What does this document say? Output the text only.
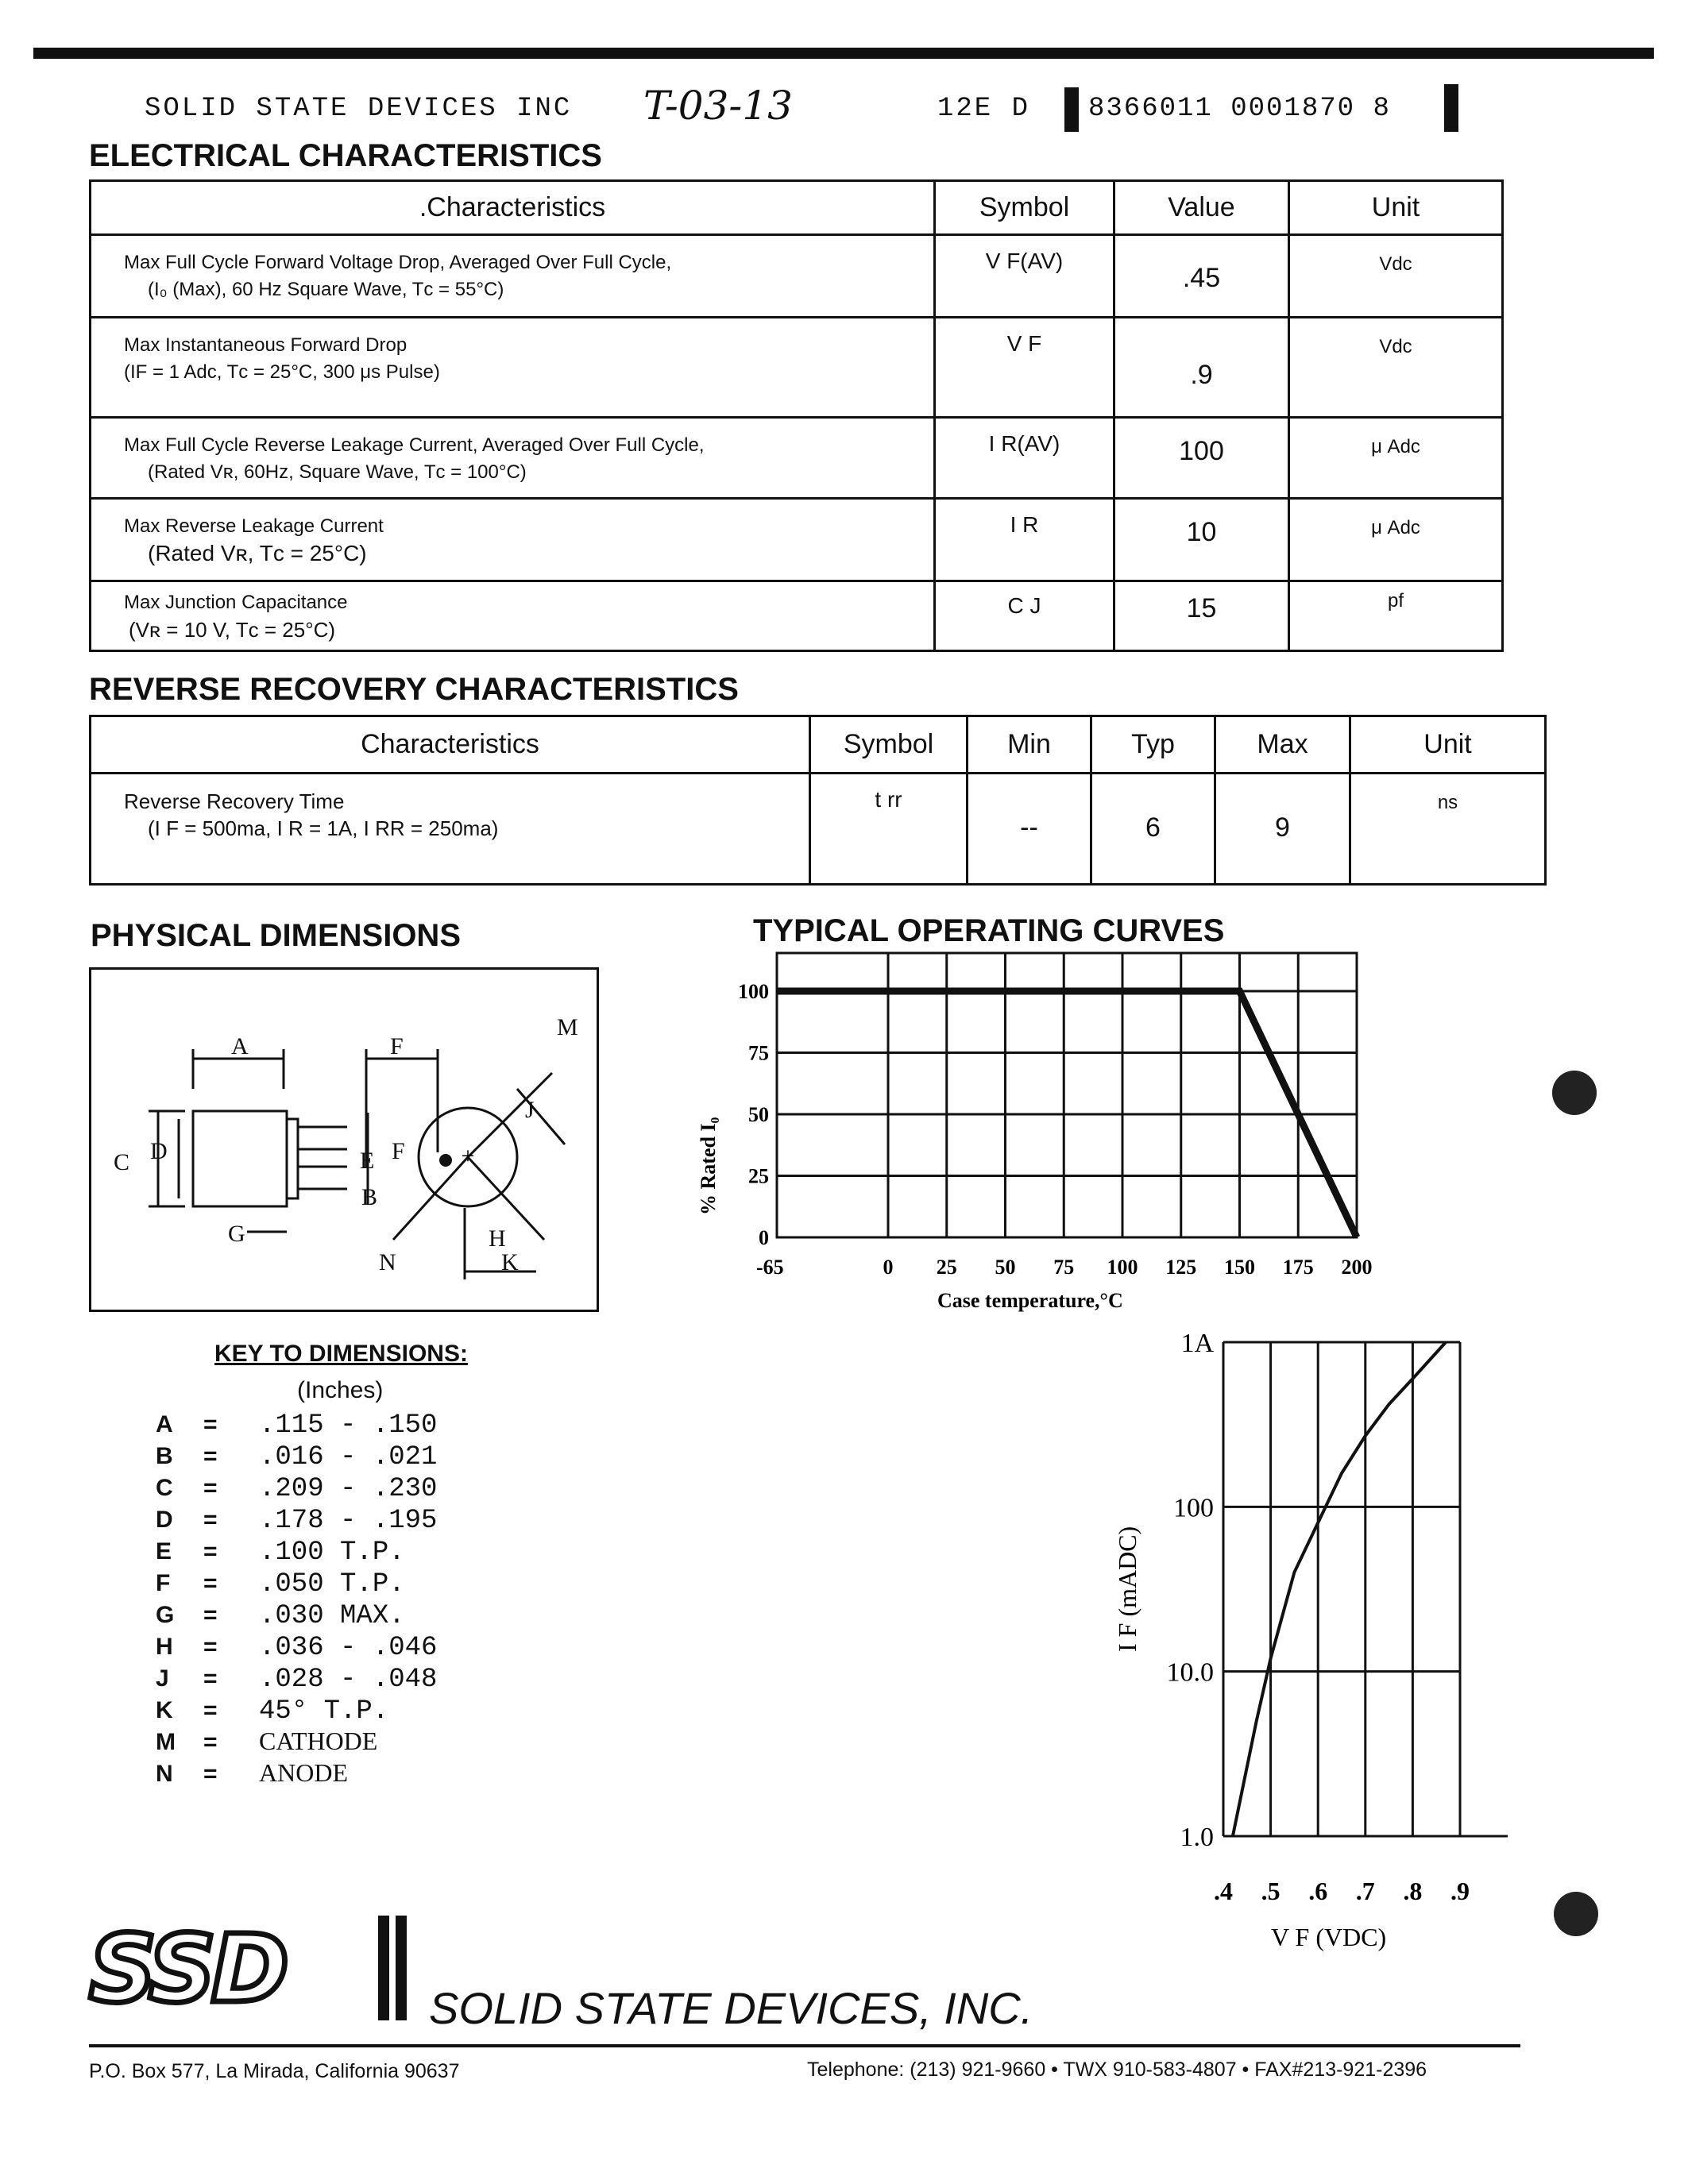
SOLID STATE DEVICES INC T-03-13	12E D 8366011 0001870 8
ELECTRICAL CHARACTERISTICS
.Characteristics	Symbol	Value	Unit

Max Full Cycle Forward Voltage Drop, Averaged Over Full Cycle,
(I₀ (Max), 60 Hz Square Wave, Tᴄ = 55°C)	V F(AV)	.45	Vdc

Max Instantaneous Forward Drop
(IF = 1 Adc, Tᴄ = 25°C, 300 μs Pulse)	V F	.9	Vdc

Max Full Cycle Reverse Leakage Current, Averaged Over Full Cycle,
(Rated Vʀ, 60Hz, Square Wave, Tᴄ = 100°C)	I R(AV)	100	μ Adc

Max Reverse Leakage Current
(Rated Vʀ, Tᴄ = 25°C)	I R	10	μ Adc

Max Junction Capacitance
(Vʀ = 10 V, Tᴄ = 25°C)	C J	15	pf
REVERSE RECOVERY CHARACTERISTICS
Characteristics	Symbol	Min	Typ	Max	Unit

Reverse Recovery Time
(I F = 500ma, I R = 1A, I RR = 250ma)	t rr	--	6	9	ns
PHYSICAL DIMENSIONS
+
A
B
C D	E
F
F
G	H
J
K
M
N
KEY TO DIMENSIONS:
(Inches)
A = .115 - .150
B = .016 - .021
C = .209 - .230
D = .178 - .195
E = .100 T.P.
F = .050 T.P.
G = .030 MAX.
H = .036 - .046
J = .028 - .048
K = 45° T.P.
M = CATHODE
N = ANODE
TYPICAL OPERATING CURVES
-65	0 25 50 75 100 125 150 175 200
100
75
50
25
0
Case temperature,°C
% Rated I₀
.4 .5 .6 .7 .8 .9
1A
100
10.0
1.0
V F (VDC)
I F (mADC)
SSD	SOLID STATE DEVICES, INC.
P.O. Box 577, La Mirada, California 90637	Telephone: (213) 921-9660 • TWX 910-583-4807 • FAX#213-921-2396
